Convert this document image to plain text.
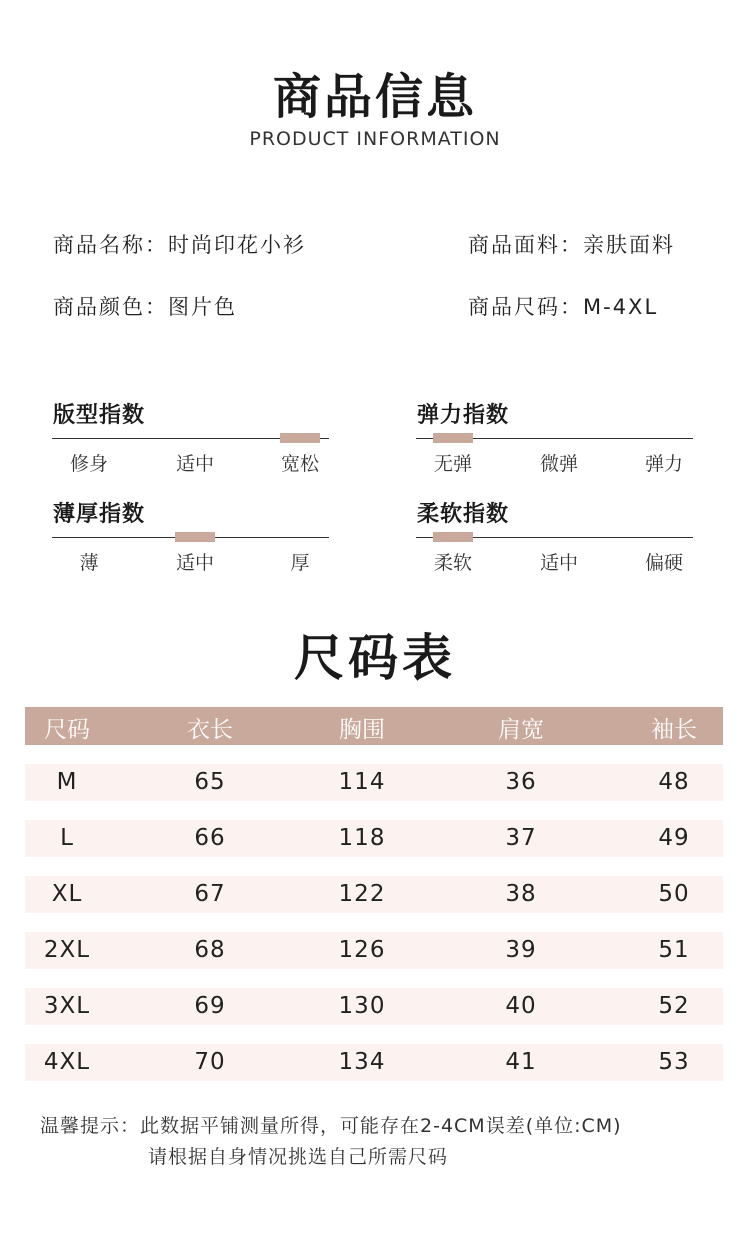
商品信息
PRODUCT INFORMATION
商品名称：时尚印花小衫	商品面料：亲肤面料
商品颜色：图片色	商品尺码：M-4XL
版型指数
修身	适中	宽松
弹力指数
无弹	微弹	弹力
薄厚指数
薄	适中	厚
柔软指数
柔软	适中	偏硬
尺码表
尺码	衣长	胸围	肩宽	袖长
M	65	114	36	48
L	66	118	37	49
XL	67	122	38	50
2XL	68	126	39	51
3XL	69	130	40	52
4XL	70	134	41	53
温馨提示：此数据平铺测量所得，可能存在2-4CM误差(单位:CM)
请根据自身情况挑选自己所需尺码
